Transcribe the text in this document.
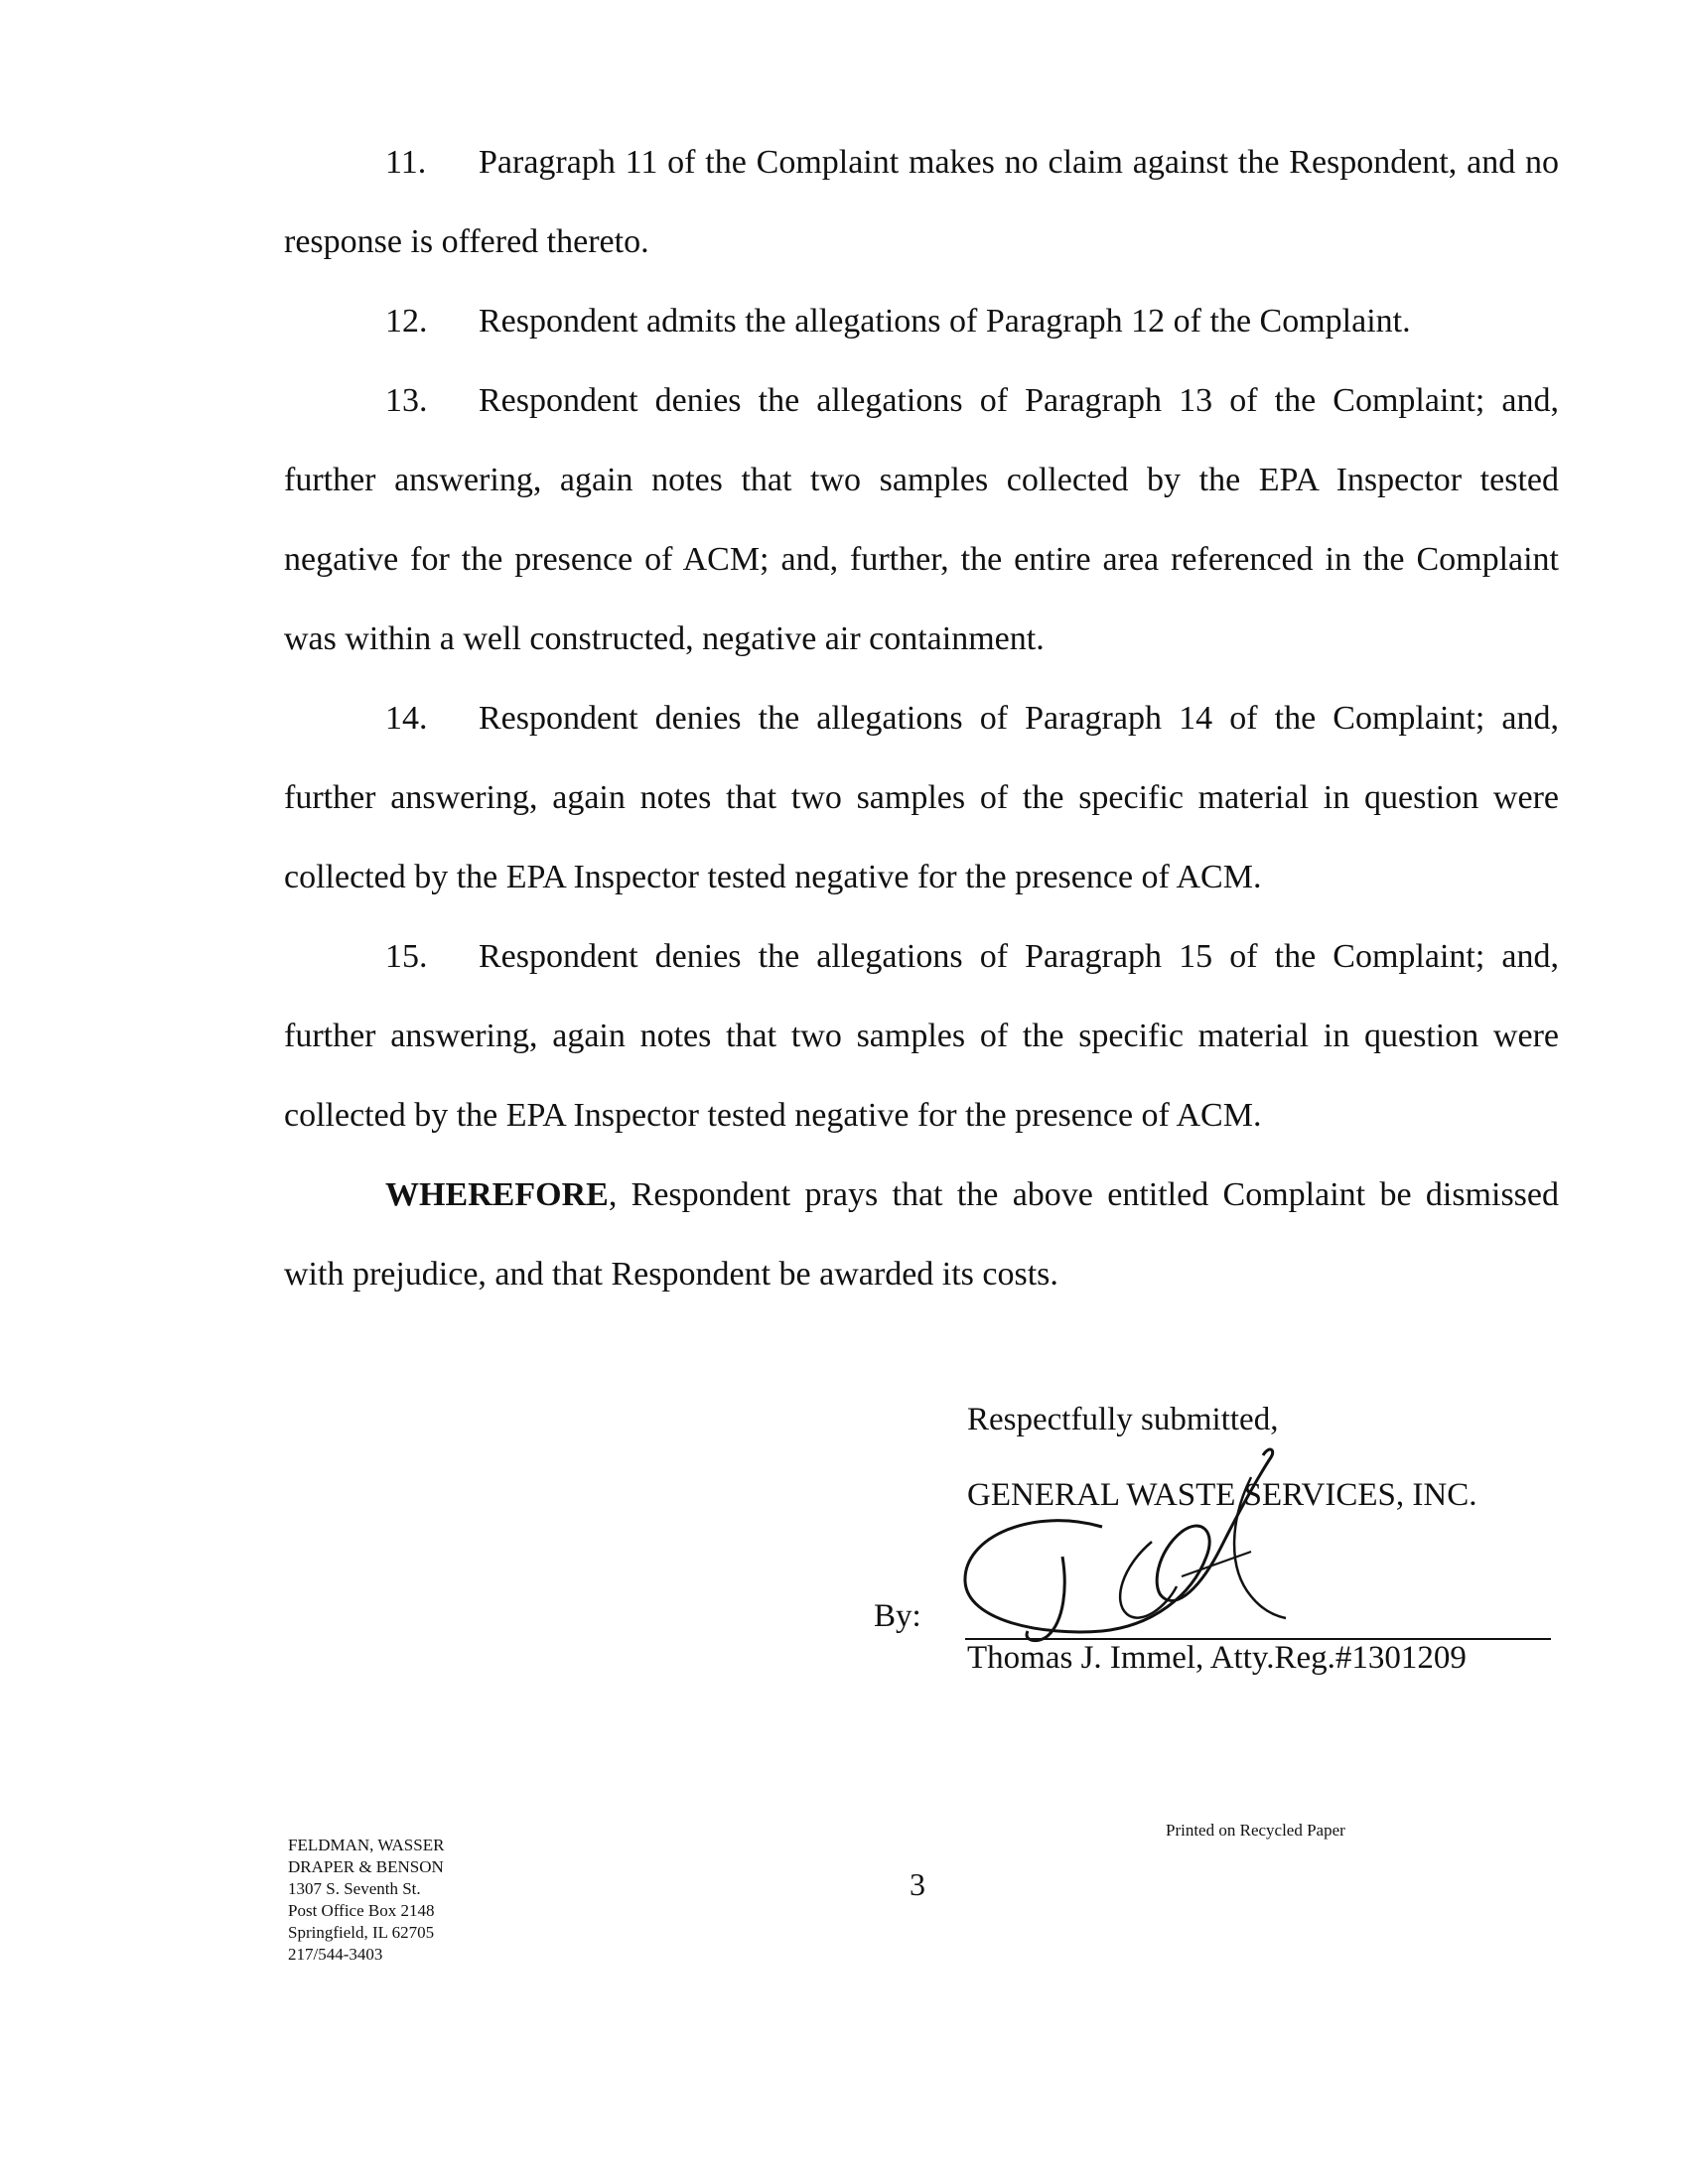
11. Paragraph 11 of the Complaint makes no claim against the Respondent, and no response is offered thereto.

12. Respondent admits the allegations of Paragraph 12 of the Complaint.

13. Respondent denies the allegations of Paragraph 13 of the Complaint; and, further answering, again notes that two samples collected by the EPA Inspector tested negative for the presence of ACM; and, further, the entire area referenced in the Complaint was within a well constructed, negative air containment.

14. Respondent denies the allegations of Paragraph 14 of the Complaint; and, further answering, again notes that two samples of the specific material in question were collected by the EPA Inspector tested negative for the presence of ACM.

15. Respondent denies the allegations of Paragraph 15 of the Complaint; and, further answering, again notes that two samples of the specific material in question were collected by the EPA Inspector tested negative for the presence of ACM.

WHEREFORE, Respondent prays that the above entitled Complaint be dismissed with prejudice, and that Respondent be awarded its costs.

Respectfully submitted,
GENERAL WASTE SERVICES, INC.
By:
Thomas J. Immel, Atty.Reg.#1301209
FELDMAN, WASSER
DRAPER & BENSON
1307 S. Seventh St.
Post Office Box 2148
Springfield, IL 62705
217/544-3403
3
Printed on Recycled Paper
